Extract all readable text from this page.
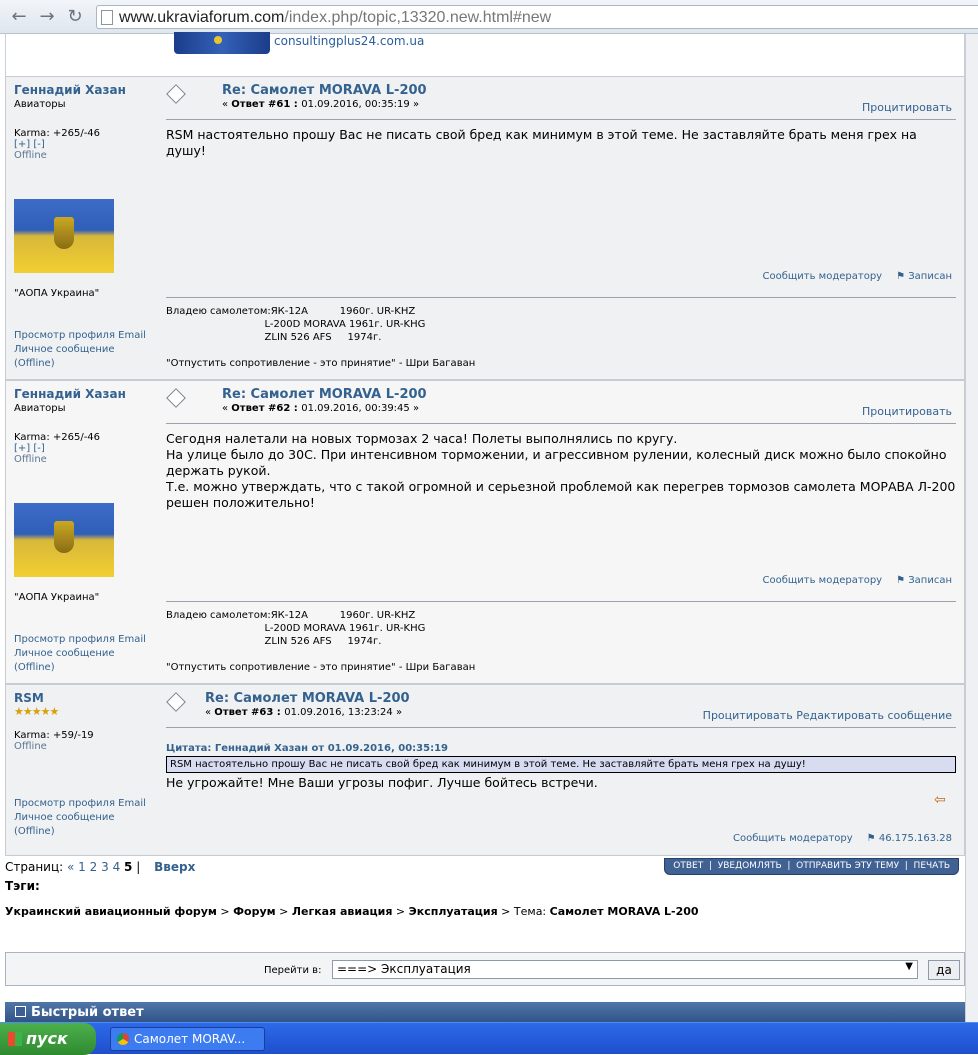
← → ↻ www.ukraviaforum.com/index.php/topic,13320.new.html#new
consultingplus24.com.ua
Геннадий Хазан
Авиаторы
Karma: +265/-46
[+] [-]
Offline
"АОПА Украина"
Просмотр профиля Email
Личное сообщение
(Offline)
Re: Самолет MORAVA L-200
« Ответ #61 : 01.09.2016, 00:35:19 »	Процитировать
RSM настоятельно прошу Вас не писать свой бред как минимум в этой теме. Не заставляйте брать меня грех на душу!
Сообщить модератору ⚑ Записан
Владею самолетом:ЯК-12A          1960г. UR-KHZ
L-200D MORAVA 1961г. UR-KHG
ZLIN 526 AFS     1974г.

"Отпустить сопротивление - это принятие" - Шри Багаван
Геннадий Хазан
Авиаторы
Karma: +265/-46
[+] [-]
Offline
"АОПА Украина"
Просмотр профиля Email
Личное сообщение
(Offline)
Re: Самолет MORAVA L-200
« Ответ #62 : 01.09.2016, 00:39:45 »	Процитировать
Сегодня налетали на новых тормозах 2 часа! Полеты выполнялись по кругу.
На улице было до 30С. При интенсивном торможении, и агрессивном рулении, колесный диск можно было спокойно держать рукой.
Т.е. можно утверждать, что с такой огромной и серьезной проблемой как перегрев тормозов самолета МОРАВА Л-200 решен положительно!
Сообщить модератору ⚑ Записан
Владею самолетом:ЯК-12A          1960г. UR-KHZ
L-200D MORAVA 1961г. UR-KHG
ZLIN 526 AFS     1974г.

"Отпустить сопротивление - это принятие" - Шри Багаван
RSM
★★★★★
Karma: +59/-19
Offline
Просмотр профиля Email
Личное сообщение
(Offline)
Re: Самолет MORAVA L-200
« Ответ #63 : 01.09.2016, 13:23:24 »	Процитировать Редактировать сообщение
Цитата: Геннадий Хазан от 01.09.2016, 00:35:19
RSM настоятельно прошу Вас не писать свой бред как минимум в этой теме. Не заставляйте брать меня грех на душу!
Не угрожайте! Мне Ваши угрозы пофиг. Лучше бойтесь встречи.
⇦
Сообщить модератору ⚑ 46.175.163.28
Страниц: « 1 2 3 4 5 | Вверх	ОТВЕТ  |  УВЕДОМЛЯТЬ  |  ОТПРАВИТЬ ЭТУ ТЕМУ  |  ПЕЧАТЬ
Тэги:
Украинский авиационный форум > Форум > Легкая авиация > Эксплуатация > Тема: Самолет MORAVA L-200
Перейти в:	===> Эксплуатация	▼	да
Быстрый ответ
пуск	Самолет MORAV...
